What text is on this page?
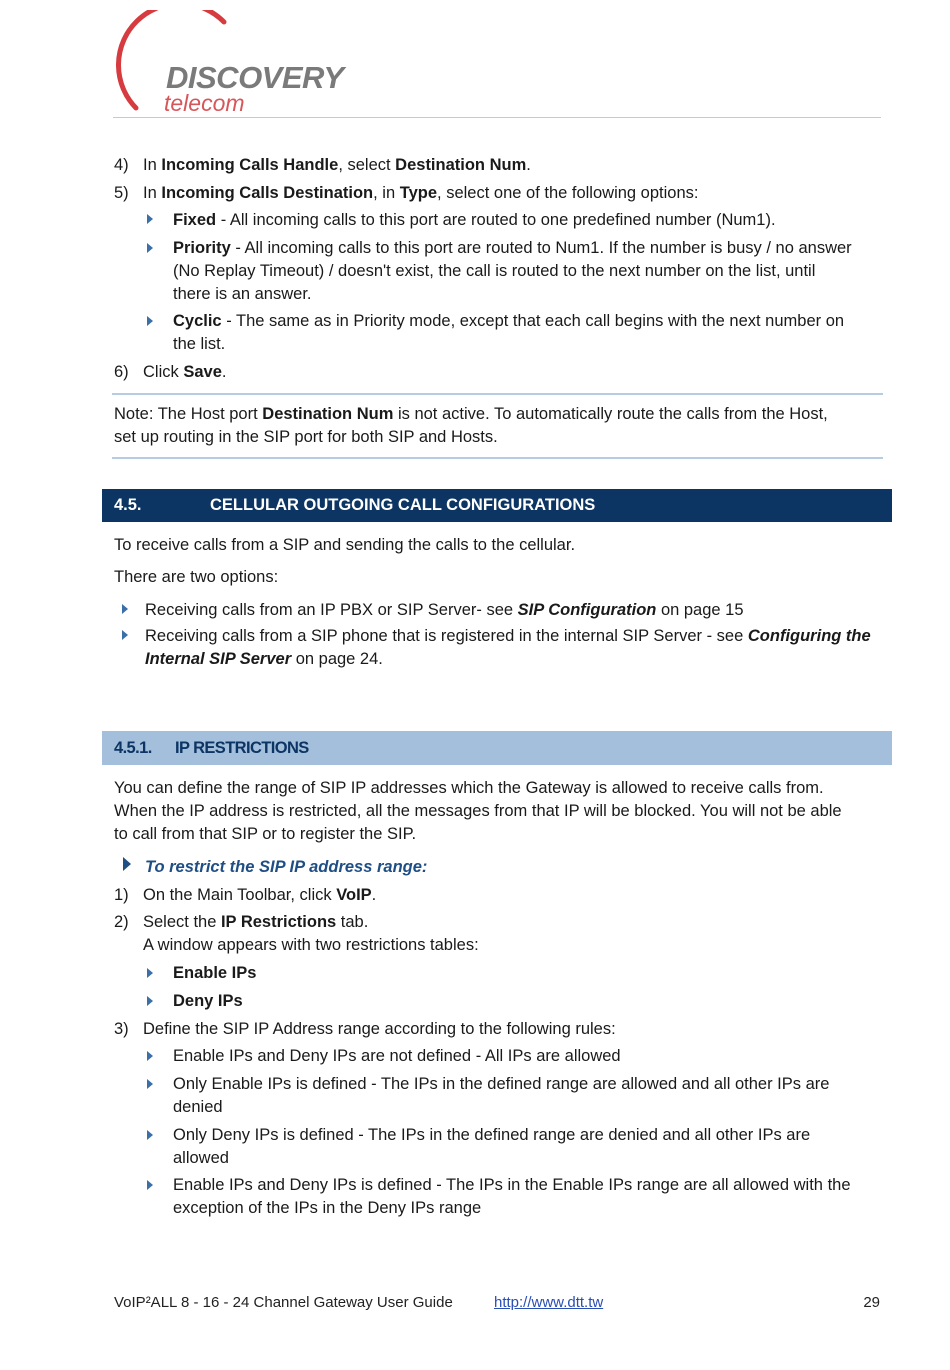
DISCOVERY
telecom
4) In Incoming Calls Handle, select Destination Num.
5) In Incoming Calls Destination, in Type, select one of the following options:
Fixed - All incoming calls to this port are routed to one predefined number (Num1).
Priority - All incoming calls to this port are routed to Num1. If the number is busy / no answer
(No Replay Timeout) / doesn't exist, the call is routed to the next number on the list, until
there is an answer.
Cyclic - The same as in Priority mode, except that each call begins with the next number on
the list.
6) Click Save.
Note: The Host port Destination Num is not active. To automatically route the calls from the Host,
set up routing in the SIP port for both SIP and Hosts.
4.5.	CELLULAR OUTGOING CALL CONFIGURATIONS
To receive calls from a SIP and sending the calls to the cellular.
There are two options:
Receiving calls from an IP PBX or SIP Server- see SIP Configuration on page 15
Receiving calls from a SIP phone that is registered in the internal SIP Server - see Configuring the
Internal SIP Server on page 24.
4.5.1. IP RESTRICTIONS
You can define the range of SIP IP addresses which the Gateway is allowed to receive calls from.
When the IP address is restricted, all the messages from that IP will be blocked. You will not be able
to call from that SIP or to register the SIP.
To restrict the SIP IP address range:
1) On the Main Toolbar, click VoIP.
2) Select the IP Restrictions tab.
A window appears with two restrictions tables:
Enable IPs
Deny IPs
3) Define the SIP IP Address range according to the following rules:
Enable IPs and Deny IPs are not defined - All IPs are allowed
Only Enable IPs is defined - The IPs in the defined range are allowed and all other IPs are
denied
Only Deny IPs is defined - The IPs in the defined range are denied and all other IPs are
allowed
Enable IPs and Deny IPs is defined - The IPs in the Enable IPs range are all allowed with the
exception of the IPs in the Deny IPs range
VoIP²ALL 8 - 16 - 24 Channel Gateway User Guide	http://www.dtt.tw	29
